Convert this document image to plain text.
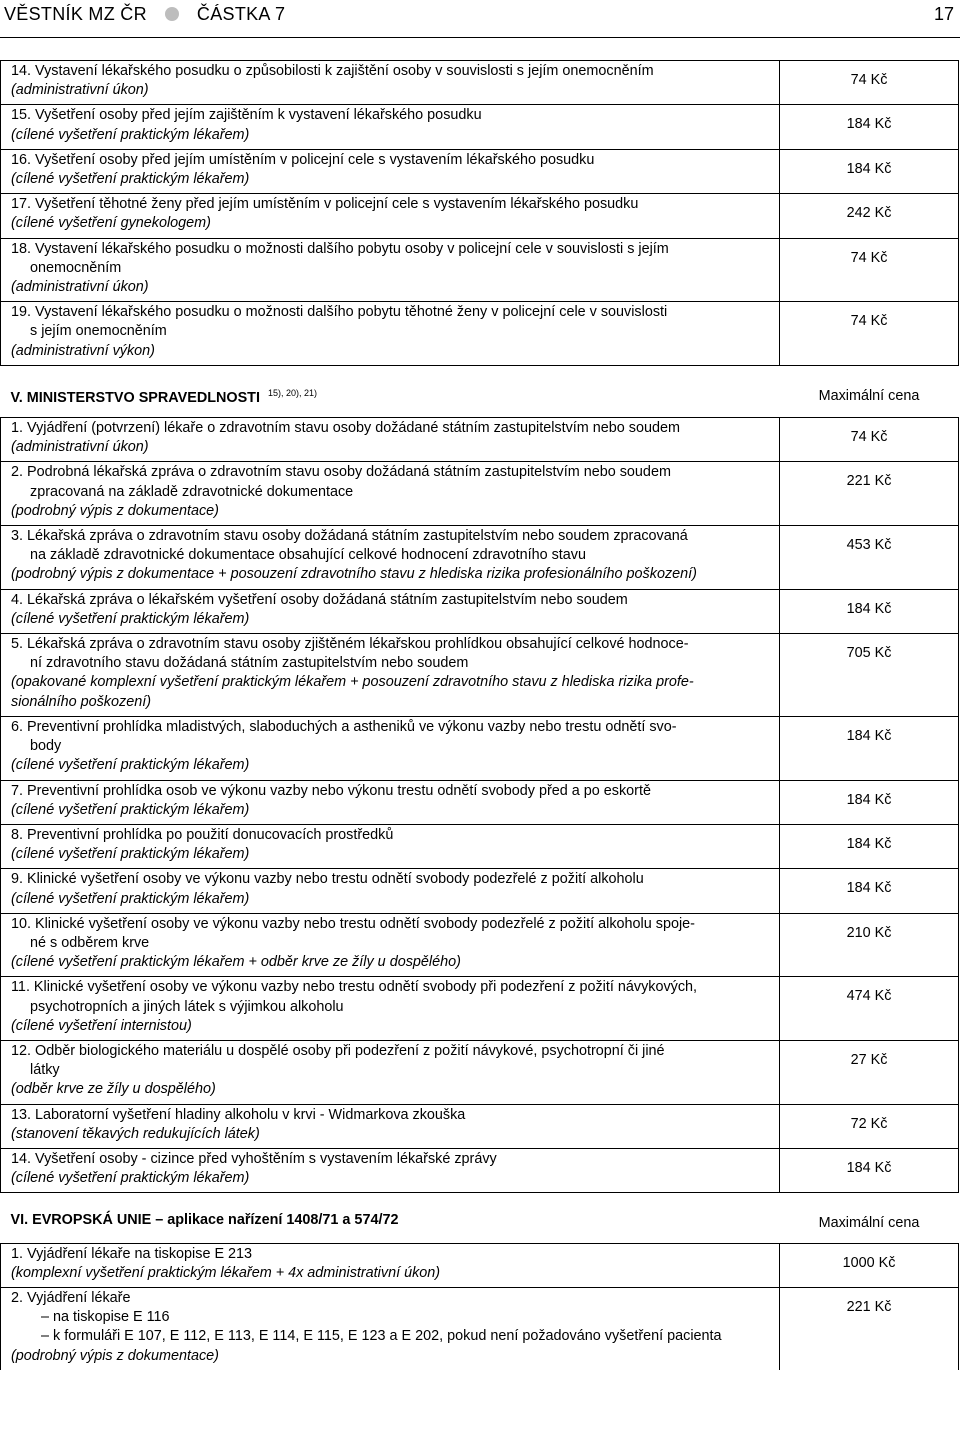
VĚSTNÍK MZ ČR	ČÁSTKA 7	17
14. Vystavení lékařského posudku o způsobilosti k zajištění osoby v souvislosti s jejím onemocněním
(administrativní úkon)	74 Kč

15. Vyšetření osoby před jejím zajištěním k vystavení lékařského posudku
(cílené vyšetření praktickým lékařem)	184 Kč

16. Vyšetření osoby před jejím umístěním v policejní cele s vystavením lékařského posudku
(cílené vyšetření praktickým lékařem)	184 Kč

17. Vyšetření těhotné ženy před jejím umístěním v policejní cele s vystavením lékařského posudku
(cílené vyšetření gynekologem)	242 Kč

18. Vystavení lékařského posudku o možnosti dalšího pobytu osoby v policejní cele v souvislosti s jejím
onemocněním
(administrativní úkon)	74 Kč

19. Vystavení lékařského posudku o možnosti dalšího pobytu těhotné ženy v policejní cele v souvislosti
s jejím onemocněním
(administrativní výkon)	74 Kč
V. MINISTERSTVO SPRAVEDLNOSTI $^{15), 20), 21)}$	Maximální cena

1. Vyjádření (potvrzení) lékaře o zdravotním stavu osoby dožádané státním zastupitelstvím nebo soudem
(administrativní úkon)	74 Kč

2. Podrobná lékařská zpráva o zdravotním stavu osoby dožádaná státním zastupitelstvím nebo soudem
zpracovaná na základě zdravotnické dokumentace
(podrobný výpis z dokumentace)	221 Kč

3. Lékařská zpráva o zdravotním stavu osoby dožádaná státním zastupitelstvím nebo soudem zpracovaná
na základě zdravotnické dokumentace obsahující celkové hodnocení zdravotního stavu
(podrobný výpis z dokumentace + posouzení zdravotního stavu z hlediska rizika profesionálního poškození)	453 Kč

4. Lékařská zpráva o lékařském vyšetření osoby dožádaná státním zastupitelstvím nebo soudem
(cílené vyšetření praktickým lékařem)	184 Kč

5. Lékařská zpráva o zdravotním stavu osoby zjištěném lékařskou prohlídkou obsahující celkové hodnoce-
ní zdravotního stavu dožádaná státním zastupitelstvím nebo soudem
(opakované komplexní vyšetření praktickým lékařem + posouzení zdravotního stavu z hlediska rizika profe-
sionálního poškození)	705 Kč

6. Preventivní prohlídka mladistvých, slaboduchých a astheniků ve výkonu vazby nebo trestu odnětí svo-
body
(cílené vyšetření praktickým lékařem)	184 Kč

7. Preventivní prohlídka osob ve výkonu vazby nebo výkonu trestu odnětí svobody před a po eskortě
(cílené vyšetření praktickým lékařem)	184 Kč

8. Preventivní prohlídka po použití donucovacích prostředků
(cílené vyšetření praktickým lékařem)	184 Kč

9. Klinické vyšetření osoby ve výkonu vazby nebo trestu odnětí svobody podezřelé z požití alkoholu
(cílené vyšetření praktickým lékařem)	184 Kč

10. Klinické vyšetření osoby ve výkonu vazby nebo trestu odnětí svobody podezřelé z požití alkoholu spoje-
né s odběrem krve
(cílené vyšetření praktickým lékařem + odběr krve ze žíly u dospělého)	210 Kč

11. Klinické vyšetření osoby ve výkonu vazby nebo trestu odnětí svobody při podezření z požití návykových,
psychotropních a jiných látek s výjimkou alkoholu
(cílené vyšetření internistou)	474 Kč

12. Odběr biologického materiálu u dospělé osoby při podezření z požití návykové, psychotropní či jiné
látky
(odběr krve ze žíly u dospělého)	27 Kč

13. Laboratorní vyšetření hladiny alkoholu v krvi - Widmarkova zkouška
(stanovení těkavých redukujících látek)	72 Kč

14. Vyšetření osoby - cizince před vyhoštěním s vystavením lékařské zprávy
(cílené vyšetření praktickým lékařem)	184 Kč
VI. EVROPSKÁ UNIE – aplikace nařízení 1408/71 a 574/72	Maximální cena

1. Vyjádření lékaře na tiskopise E 213
(komplexní vyšetření praktickým lékařem + 4x administrativní úkon)	1000 Kč

2. Vyjádření lékaře
– na tiskopise E 116
– k formuláři E 107, E 112, E 113, E 114, E 115, E 123 a E 202, pokud není požadováno vyšetření pacienta
(podrobný výpis z dokumentace)	221 Kč
